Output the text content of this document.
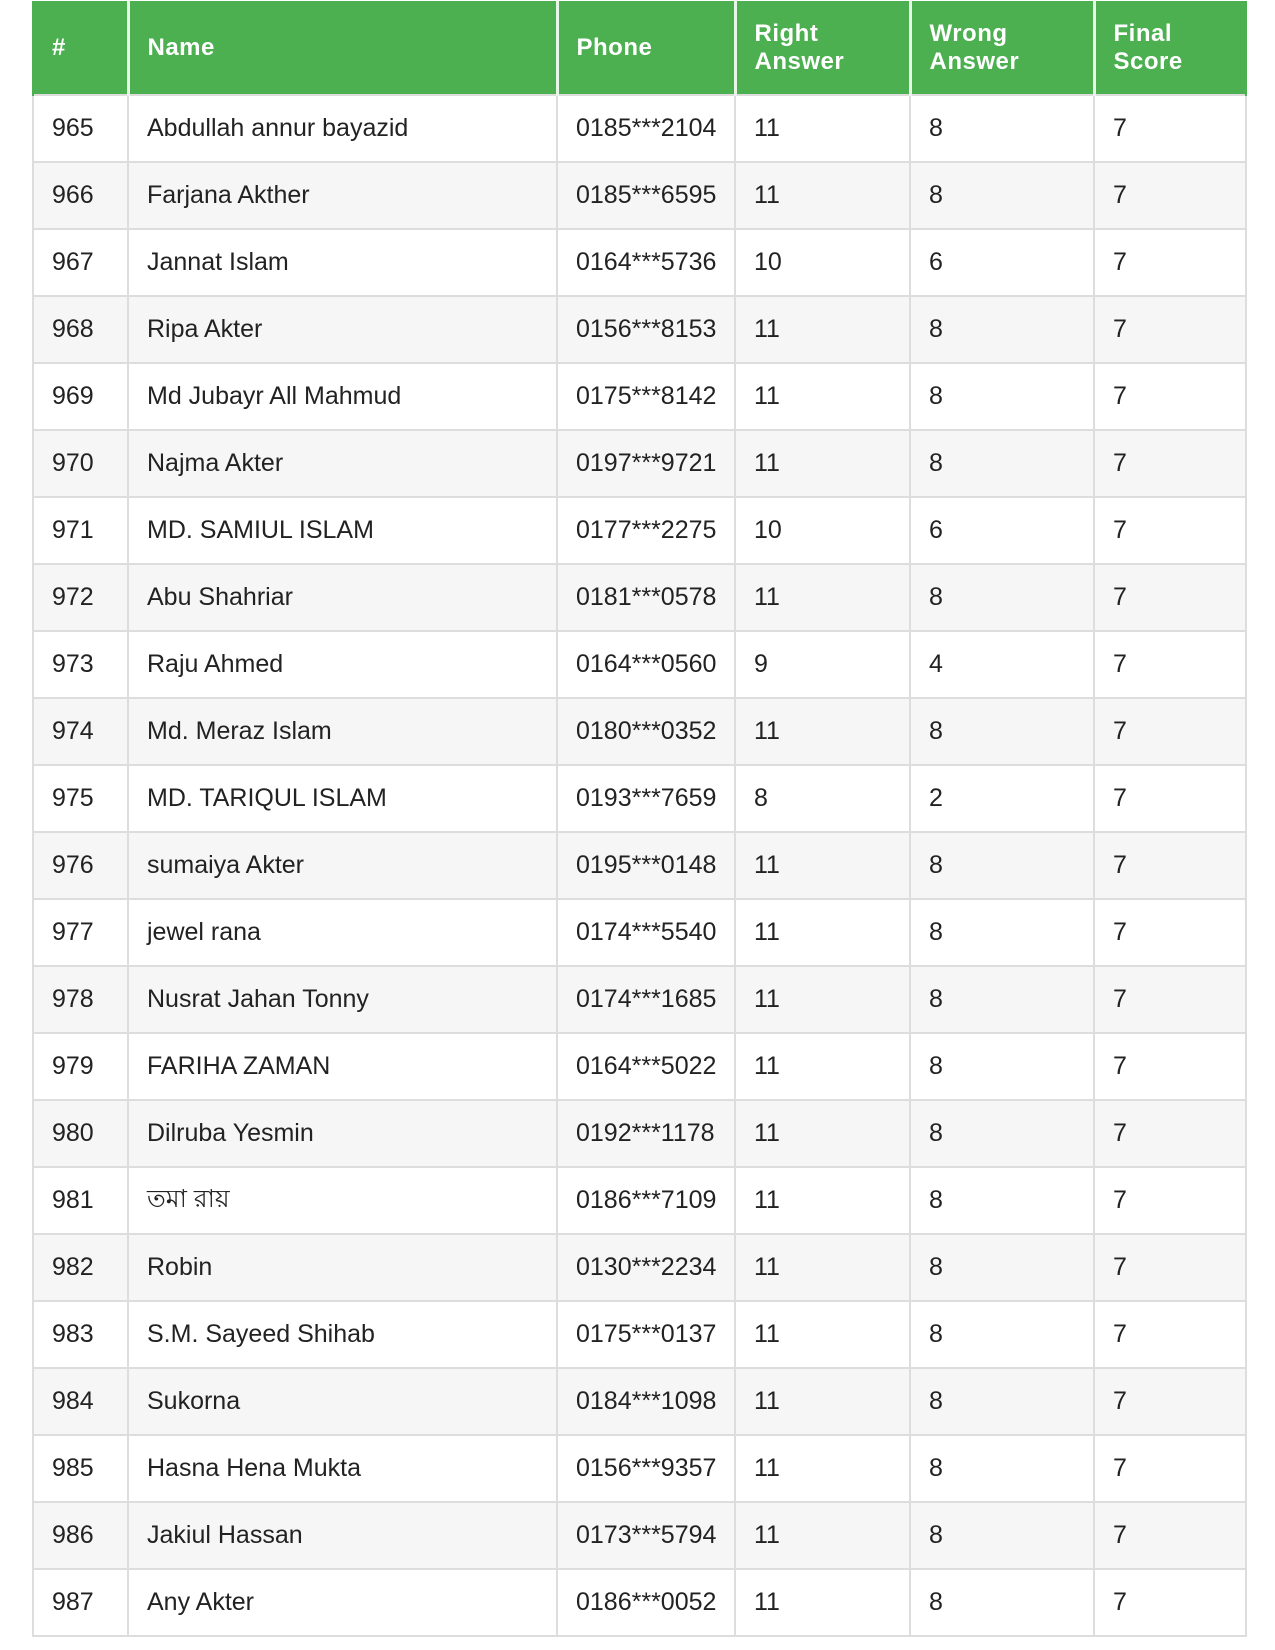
#	Name	Phone	Right Answer	Wrong Answer	Final Score
965	Abdullah annur bayazid	0185***2104	11	8	7
966	Farjana Akther	0185***6595	11	8	7
967	Jannat Islam	0164***5736	10	6	7
968	Ripa Akter	0156***8153	11	8	7
969	Md Jubayr All Mahmud	0175***8142	11	8	7
970	Najma Akter	0197***9721	11	8	7
971	MD. SAMIUL ISLAM	0177***2275	10	6	7
972	Abu Shahriar	0181***0578	11	8	7
973	Raju Ahmed	0164***0560	9	4	7
974	Md. Meraz Islam	0180***0352	11	8	7
975	MD. TARIQUL ISLAM	0193***7659	8	2	7
976	sumaiya Akter	0195***0148	11	8	7
977	jewel rana	0174***5540	11	8	7
978	Nusrat Jahan Tonny	0174***1685	11	8	7
979	FARIHA ZAMAN	0164***5022	11	8	7
980	Dilruba Yesmin	0192***1178	11	8	7
981	তমা রায়	0186***7109	11	8	7
982	Robin	0130***2234	11	8	7
983	S.M. Sayeed Shihab	0175***0137	11	8	7
984	Sukorna	0184***1098	11	8	7
985	Hasna Hena Mukta	0156***9357	11	8	7
986	Jakiul Hassan	0173***5794	11	8	7
987	Any Akter	0186***0052	11	8	7
